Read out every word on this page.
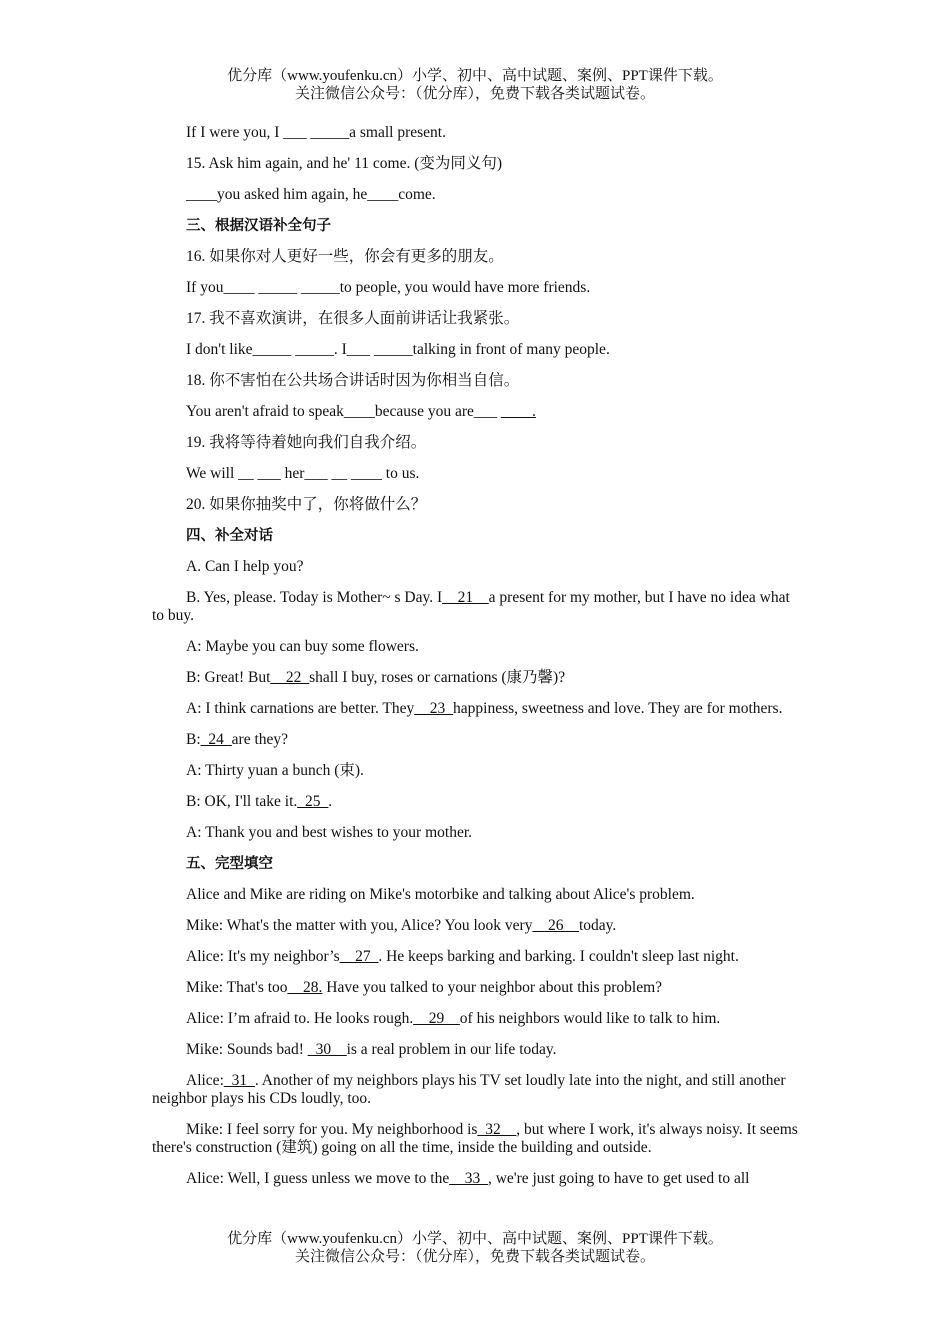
优分库（www.youfenku.cn）小学、初中、高中试题、案例、PPT课件下载。
关注微信公众号：（优分库），免费下载各类试题试卷。
If I were you, I ___ _____a small present.
15. Ask him again, and he' 11 come. (变为同义句)
____you asked him again, he____come.
三、根据汉语补全句子
16. 如果你对人更好一些，你会有更多的朋友。
If you____ _____ _____to people, you would have more friends.
17. 我不喜欢演讲，在很多人面前讲话让我紧张。
I don't like_____ _____. I___ _____talking in front of many people.
18. 你不害怕在公共场合讲话时因为你相当自信。
You aren't afraid to speak____because you are___ ____.
19. 我将等待着她向我们自我介绍。
We will __ ___ her___ __ ____ to us.
20. 如果你抽奖中了，你将做什么？
四、补全对话
A. Can I help you?
B. Yes, please. Today is Mother~ s Day. I__21__a present for my mother, but I have no idea what to buy.
A: Maybe you can buy some flowers.
B: Great! But__22_shall I buy, roses or carnations (康乃馨)?
A: I think carnations are better. They__23_happiness, sweetness and love. They are for mothers.
B:_24_are they?
A: Thirty yuan a bunch (束).
B: OK, I'll take it._25_.
A: Thank you and best wishes to your mother.
五、完型填空
Alice and Mike are riding on Mike's motorbike and talking about Alice's problem.
Mike: What's the matter with you, Alice? You look very__26__today.
Alice: It's my neighbor’s__27_. He keeps barking and barking. I couldn't sleep last night.
Mike: That's too__28. Have you talked to your neighbor about this problem?
Alice: I’m afraid to. He looks rough.__29__of his neighbors would like to talk to him.
Mike: Sounds bad! _30__is a real problem in our life today.
Alice:_31_. Another of my neighbors plays his TV set loudly late into the night, and still another neighbor plays his CDs loudly, too.
Mike: I feel sorry for you. My neighborhood is_32__, but where I work, it's always noisy. It seems there's construction (建筑) going on all the time, inside the building and outside.
Alice: Well, I guess unless we move to the__33_, we're just going to have to get used to all
优分库（www.youfenku.cn）小学、初中、高中试题、案例、PPT课件下载。
关注微信公众号：（优分库），免费下载各类试题试卷。
